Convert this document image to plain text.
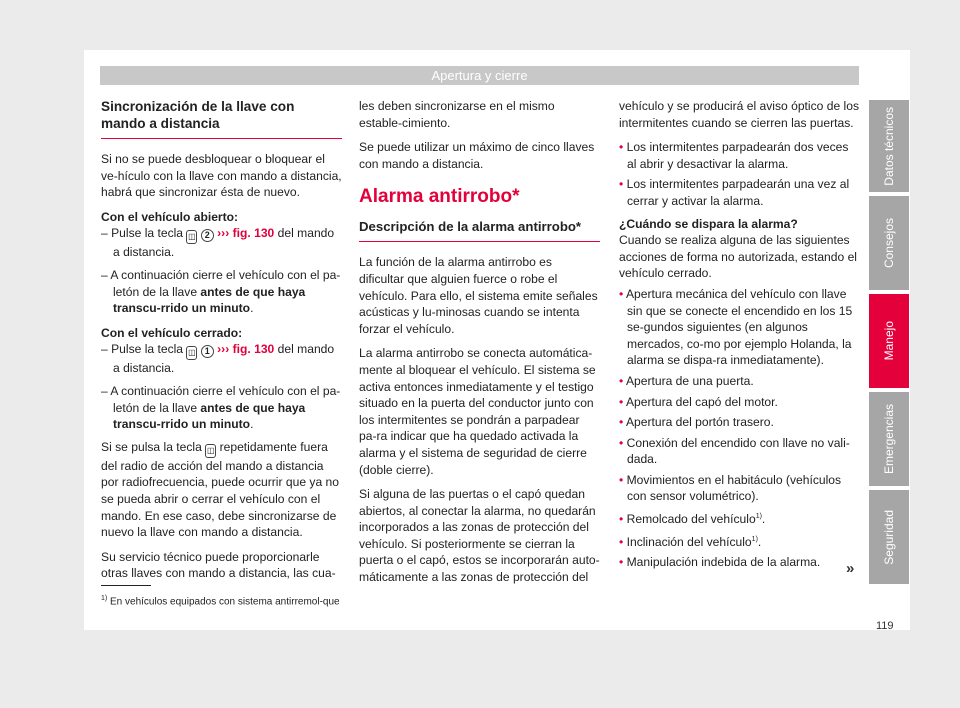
Apertura y cierre
Sincronización de la llave con mando a distancia

Si no se puede desbloquear o bloquear el ve-hículo con la llave con mando a distancia, habrá que sincronizar ésta de nuevo.

Con el vehículo abierto:

– Pulse la tecla ◫ 2 ››› fig. 130 del mando a distancia.
– A continuación cierre el vehículo con el pa-letón de la llave antes de que haya transcu-rrido un minuto.

Con el vehículo cerrado:

– Pulse la tecla ◫ 1 ››› fig. 130 del mando a distancia.
– A continuación cierre el vehículo con el pa-letón de la llave antes de que haya transcu-rrido un minuto.

Si se pulsa la tecla ◫ repetidamente fuera del radio de acción del mando a distancia por radiofrecuencia, puede ocurrir que ya no se pueda abrir o cerrar el vehículo con el mando. En ese caso, debe sincronizarse de nuevo la llave con mando a distancia.

Su servicio técnico puede proporcionarle otras llaves con mando a distancia, las cua-

les deben sincronizarse en el mismo estable-cimiento.

Se puede utilizar un máximo de cinco llaves con mando a distancia.

Alarma antirrobo*
Descripción de la alarma antirrobo*

La función de la alarma antirrobo es dificultar que alguien fuerce o robe el vehículo. Para ello, el sistema emite señales acústicas y lu-minosas cuando se intenta forzar el vehículo.

La alarma antirrobo se conecta automática-mente al bloquear el vehículo. El sistema se activa entonces inmediatamente y el testigo situado en la puerta del conductor junto con los intermitentes se pondrán a parpadear pa-ra indicar que ha quedado activada la alarma y el sistema de seguridad de cierre (doble cierre).

Si alguna de las puertas o el capó quedan abiertos, al conectar la alarma, no quedarán incorporados a las zonas de protección del vehículo. Si posteriormente se cierran la puerta o el capó, estos se incorporarán auto-máticamente a las zonas de protección del

vehículo y se producirá el aviso óptico de los intermitentes cuando se cierren las puertas.

• Los intermitentes parpadearán dos veces al abrir y desactivar la alarma.
• Los intermitentes parpadearán una vez al cerrar y activar la alarma.

¿Cuándo se dispara la alarma?

Cuando se realiza alguna de las siguientes acciones de forma no autorizada, estando el vehículo cerrado.

• Apertura mecánica del vehículo con llave sin que se conecte el encendido en los 15 se-gundos siguientes (en algunos mercados, co-mo por ejemplo Holanda, la alarma se dispa-ra inmediatamente).
• Apertura de una puerta.
• Apertura del capó del motor.
• Apertura del portón trasero.
• Conexión del encendido con llave no vali-dada.
• Movimientos en el habitáculo (vehículos con sensor volumétrico).
• Remolcado del vehículo$^{1)}$.
• Inclinación del vehículo$^{1)}$.
• Manipulación indebida de la alarma.	»
$^{1)}$ En vehículos equipados con sistema antirremol-que
119
Datos técnicos
Consejos
Manejo
Emergencias
Seguridad
